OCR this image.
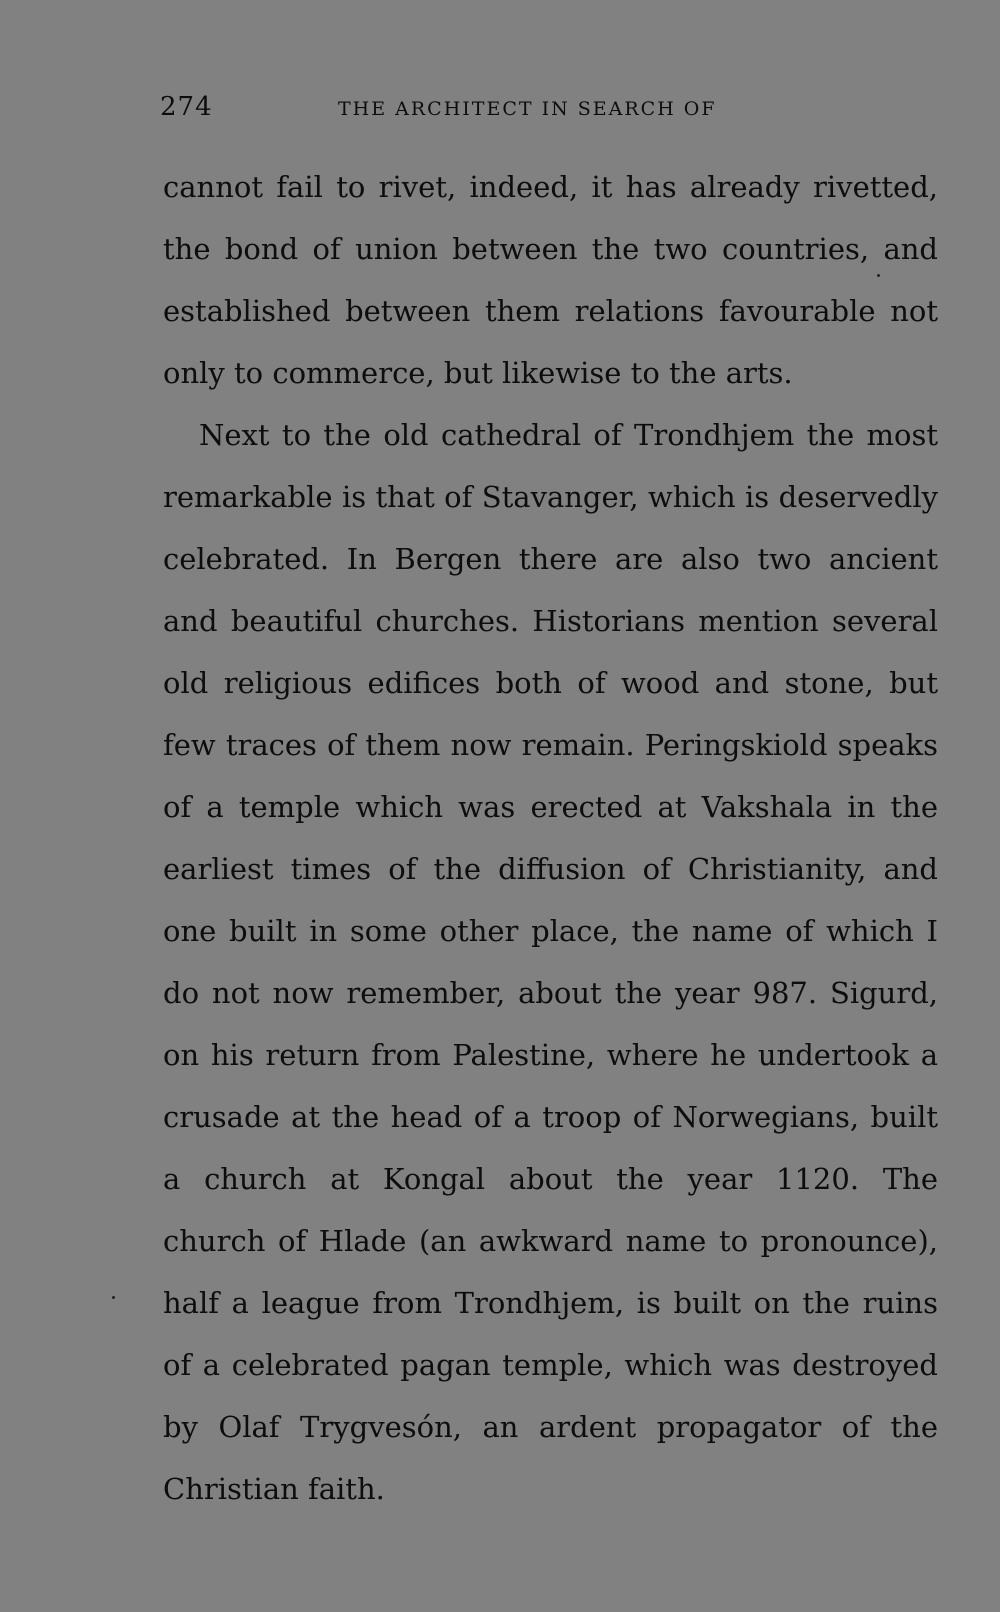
274	THE ARCHITECT IN SEARCH OF
cannot fail to rivet, indeed, it has already rivetted,
the bond of union between the two countries, and
established between them relations favourable not
only to commerce, but likewise to the arts.
Next to the old cathedral of Trondhjem the most
remarkable is that of Stavanger, which is deservedly
celebrated. In Bergen there are also two ancient
and beautiful churches. Historians mention several
old religious edifices both of wood and stone, but
few traces of them now remain. Peringskiold speaks
of a temple which was erected at Vakshala in the
earliest times of the diffusion of Christianity, and
one built in some other place, the name of which I
do not now remember, about the year 987. Sigurd,
on his return from Palestine, where he undertook a
crusade at the head of a troop of Norwegians, built
a church at Kongal about the year 1120. The
church of Hlade (an awkward name to pronounce),
half a league from Trondhjem, is built on the ruins
of a celebrated pagan temple, which was destroyed
by Olaf Trygvesón, an ardent propagator of the
Christian faith.
